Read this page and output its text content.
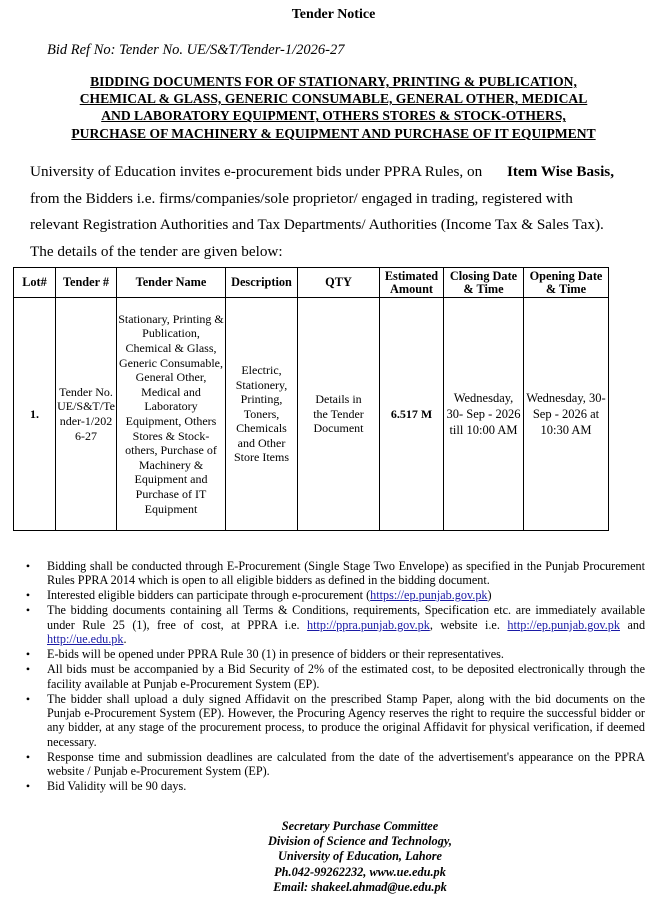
Tender Notice
Bid Ref No: Tender No. UE/S&T/Tender-1/2026-27
BIDDING DOCUMENTS FOR OF STATIONARY, PRINTING & PUBLICATION,
CHEMICAL & GLASS, GENERIC CONSUMABLE, GENERAL OTHER, MEDICAL
AND LABORATORY EQUIPMENT, OTHERS STORES & STOCK-OTHERS,
PURCHASE OF MACHINERY & EQUIPMENT AND PURCHASE OF IT EQUIPMENT
University of Education invites e-procurement bids under PPRA Rules, on Item Wise Basis,
from the Bidders i.e. firms/companies/sole proprietor/ engaged in trading, registered with
relevant Registration Authorities and Tax Departments/ Authorities (Income Tax & Sales Tax).
The details of the tender are given below:
Lot#	Tender #	Tender Name	Description	QTY	Estimated Amount	Closing Date & Time	Opening Date & Time
1.	Tender No. UE/S&T/Tender-1/2026-27	Stationary, Printing & Publication, Chemical & Glass, Generic Consumable, General Other, Medical and Laboratory Equipment, Others Stores & Stock-others, Purchase of Machinery & Equipment and Purchase of IT Equipment	Electric, Stationery, Printing, Toners, Chemicals and Other Store Items	Details in the Tender Document	6.517 M	Wednesday, 30- Sep - 2026 till 10:00 AM	Wednesday, 30- Sep - 2026 at 10:30 AM
• Bidding shall be conducted through E-Procurement (Single Stage Two Envelope) as specified in the Punjab Procurement Rules PPRA 2014 which is open to all eligible bidders as defined in the bidding document.
• Interested eligible bidders can participate through e-procurement (https://ep.punjab.gov.pk)
• The bidding documents containing all Terms & Conditions, requirements, Specification etc. are immediately available under Rule 25 (1), free of cost, at PPRA i.e. http://ppra.punjab.gov.pk, website i.e. http://ep.punjab.gov.pk and http://ue.edu.pk.
• E-bids will be opened under PPRA Rule 30 (1) in presence of bidders or their representatives.
• All bids must be accompanied by a Bid Security of 2% of the estimated cost, to be deposited electronically through the facility available at Punjab e-Procurement System (EP).
• The bidder shall upload a duly signed Affidavit on the prescribed Stamp Paper, along with the bid documents on the Punjab e-Procurement System (EP). However, the Procuring Agency reserves the right to require the successful bidder or any bidder, at any stage of the procurement process, to produce the original Affidavit for physical verification, if deemed necessary.
• Response time and submission deadlines are calculated from the date of the advertisement's appearance on the PPRA website / Punjab e-Procurement System (EP).
• Bid Validity will be 90 days.
Secretary Purchase Committee
Division of Science and Technology,
University of Education, Lahore
Ph.042-99262232, www.ue.edu.pk
Email: shakeel.ahmad@ue.edu.pk
